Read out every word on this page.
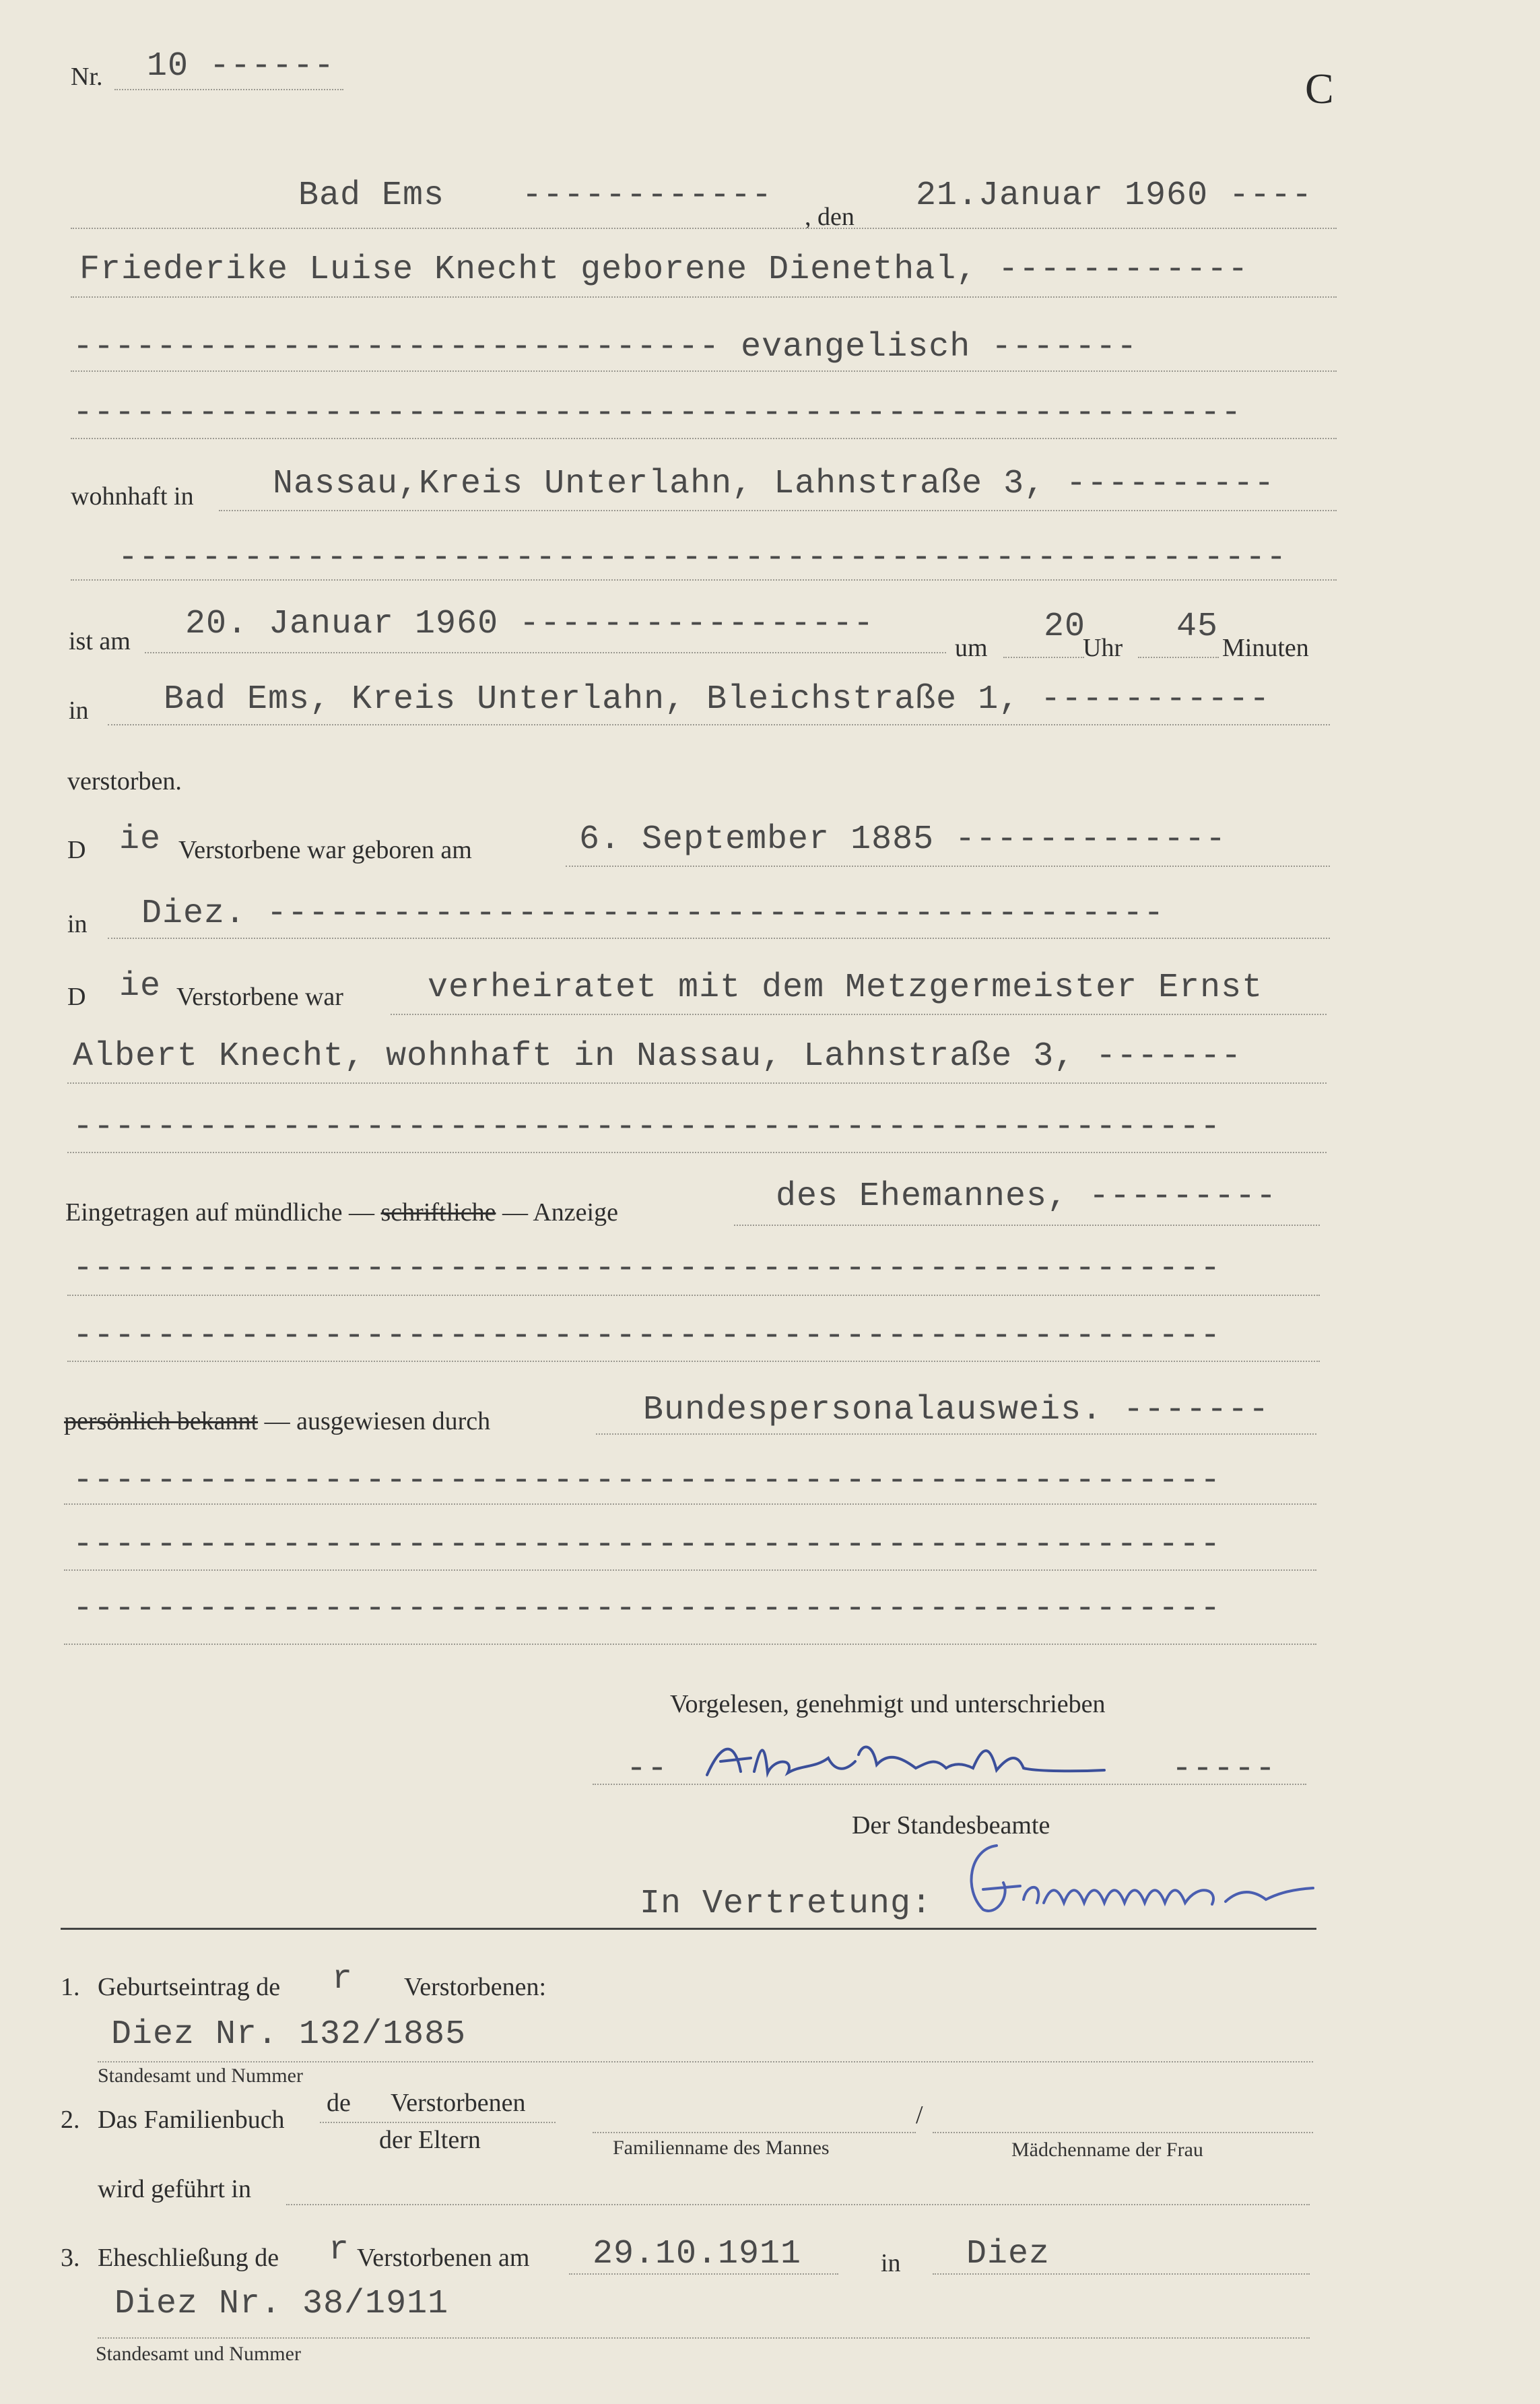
Nr. 10 ------	C
Bad Ems ------------
, den
21.Januar 1960 ----
Friederike Luise Knecht geborene Dienethal, ------------
------------------------------- evangelisch -------
--------------------------------------------------------
wohnhaft in Nassau,Kreis Unterlahn, Lahnstraße 3, ----------
--------------------------------------------------------
ist am 20. Januar 1960 -----------------
um
20
Uhr
45
Minuten
in Bad Ems, Kreis Unterlahn, Bleichstraße 1, -----------
verstorben.
D ie Verstorbene war geboren am	6. September 1885 -------------
in Diez. -------------------------------------------
D ie Verstorbene war	verheiratet mit dem Metzgermeister Ernst
Albert Knecht, wohnhaft in Nassau, Lahnstraße 3, -------
-------------------------------------------------------
Eingetragen auf mündliche — schriftliche — Anzeige	des Ehemannes, ---------
-------------------------------------------------------
-------------------------------------------------------
persönlich bekannt — ausgewiesen durch	Bundespersonalausweis. -------
-------------------------------------------------------
-------------------------------------------------------
-------------------------------------------------------
Vorgelesen, genehmigt und unterschrieben
--	-----
Der Standesbeamte
In Vertretung:
1. Geburtseintrag de r Verstorbenen:
Diez Nr. 132/1885
Standesamt und Nummer
2. Das Familienbuch
de Verstorbenen
der Eltern
/
Familienname des Mannes	Mädchenname der Frau
wird geführt in
3. Eheschließung de r Verstorbenen am 29.10.1911	in Diez
Diez Nr. 38/1911
Standesamt und Nummer
